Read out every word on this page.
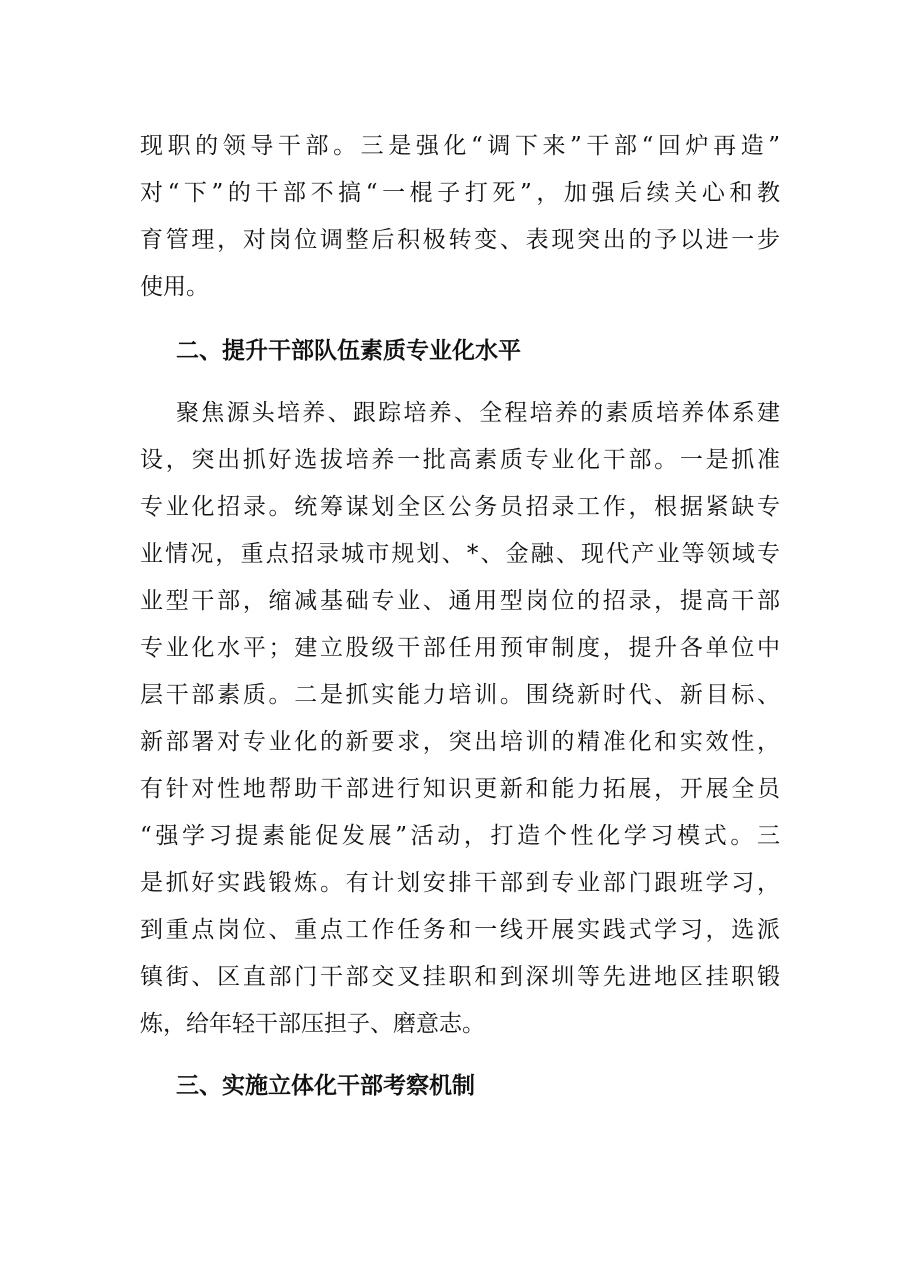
现职的领导干部。三是强化“调下来”干部“回炉再造”
对“下”的干部不搞“一棍子打死”，加强后续关心和教
育管理，对岗位调整后积极转变、表现突出的予以进一步
使用。
二、提升干部队伍素质专业化水平
聚焦源头培养、跟踪培养、全程培养的素质培养体系建
设，突出抓好选拔培养一批高素质专业化干部。一是抓准
专业化招录。统筹谋划全区公务员招录工作，根据紧缺专
业情况，重点招录城市规划、*、金融、现代产业等领域专
业型干部，缩减基础专业、通用型岗位的招录，提高干部
专业化水平；建立股级干部任用预审制度，提升各单位中
层干部素质。二是抓实能力培训。围绕新时代、新目标、
新部署对专业化的新要求，突出培训的精准化和实效性，
有针对性地帮助干部进行知识更新和能力拓展，开展全员
“强学习提素能促发展”活动，打造个性化学习模式。三
是抓好实践锻炼。有计划安排干部到专业部门跟班学习，
到重点岗位、重点工作任务和一线开展实践式学习，选派
镇街、区直部门干部交叉挂职和到深圳等先进地区挂职锻
炼，给年轻干部压担子、磨意志。
三、实施立体化干部考察机制
